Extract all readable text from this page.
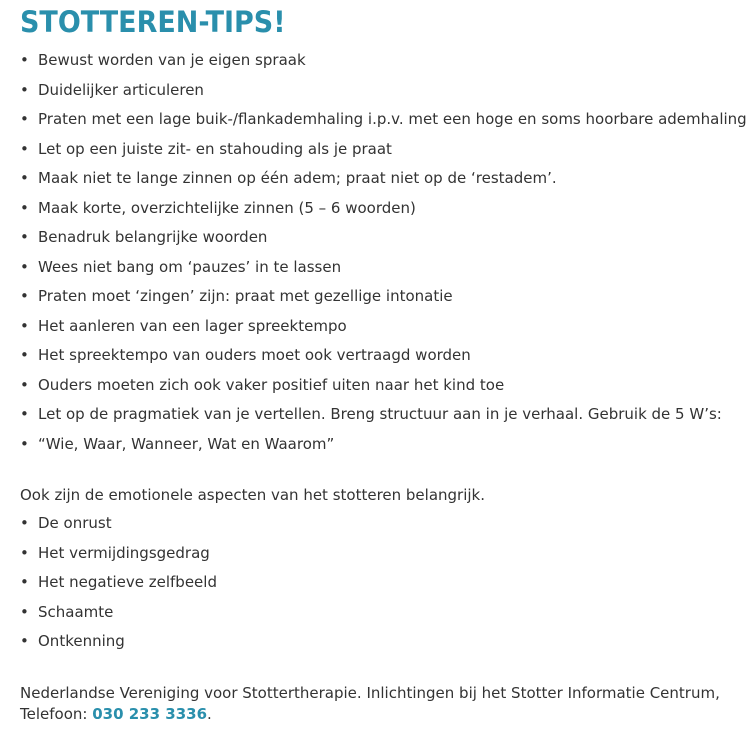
STOTTEREN-TIPS!
• Bewust worden van je eigen spraak
• Duidelijker articuleren
• Praten met een lage buik-/flankademhaling i.p.v. met een hoge en soms hoorbare ademhaling
• Let op een juiste zit- en stahouding als je praat
• Maak niet te lange zinnen op één adem; praat niet op de ‘restadem’.
• Maak korte, overzichtelijke zinnen (5 – 6 woorden)
• Benadruk belangrijke woorden
• Wees niet bang om ‘pauzes’ in te lassen
• Praten moet ‘zingen’ zijn: praat met gezellige intonatie
• Het aanleren van een lager spreektempo
• Het spreektempo van ouders moet ook vertraagd worden
• Ouders moeten zich ook vaker positief uiten naar het kind toe
• Let op de pragmatiek van je vertellen. Breng structuur aan in je verhaal. Gebruik de 5 W’s:
• “Wie, Waar, Wanneer, Wat en Waarom”

Ook zijn de emotionele aspecten van het stotteren belangrijk.

• De onrust
• Het vermijdingsgedrag
• Het negatieve zelfbeeld
• Schaamte
• Ontkenning

Nederlandse Vereniging voor Stottertherapie. Inlichtingen bij het Stotter Informatie Centrum,
Telefoon: 030 233 3336.
